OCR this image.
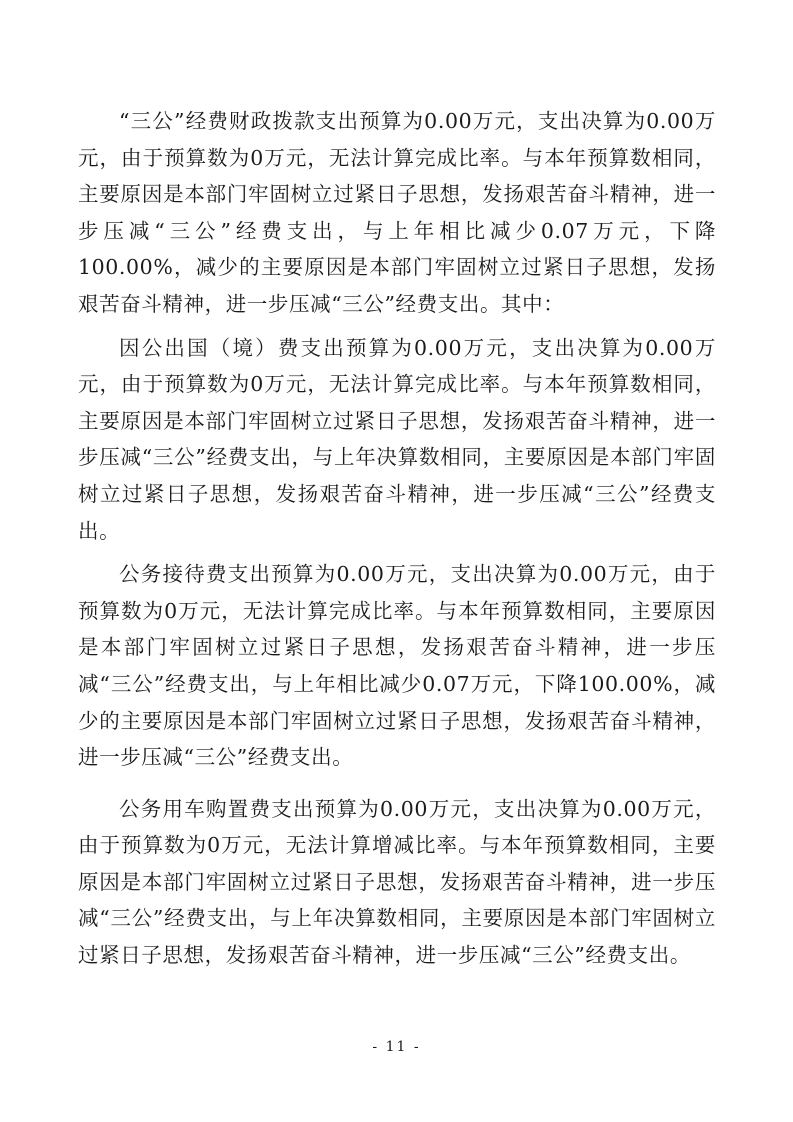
“三公”经费财政拨款支出预算为0.00万元，支出决算为0.00万元，由于预算数为0万元，无法计算完成比率。与本年预算数相同，主要原因是本部门牢固树立过紧日子思想，发扬艰苦奋斗精神，进一步压减“三公”经费支出，与上年相比减少0.07万元，下降100.00%，减少的主要原因是本部门牢固树立过紧日子思想，发扬艰苦奋斗精神，进一步压减“三公”经费支出。其中：

因公出国（境）费支出预算为0.00万元，支出决算为0.00万元，由于预算数为0万元，无法计算完成比率。与本年预算数相同，主要原因是本部门牢固树立过紧日子思想，发扬艰苦奋斗精神，进一步压减“三公”经费支出，与上年决算数相同，主要原因是本部门牢固树立过紧日子思想，发扬艰苦奋斗精神，进一步压减“三公”经费支出。

公务接待费支出预算为0.00万元，支出决算为0.00万元，由于预算数为0万元，无法计算完成比率。与本年预算数相同，主要原因是本部门牢固树立过紧日子思想，发扬艰苦奋斗精神，进一步压减“三公”经费支出，与上年相比减少0.07万元，下降100.00%，减少的主要原因是本部门牢固树立过紧日子思想，发扬艰苦奋斗精神，进一步压减“三公”经费支出。

公务用车购置费支出预算为0.00万元，支出决算为0.00万元，由于预算数为0万元，无法计算增减比率。与本年预算数相同，主要原因是本部门牢固树立过紧日子思想，发扬艰苦奋斗精神，进一步压减“三公”经费支出，与上年决算数相同，主要原因是本部门牢固树立过紧日子思想，发扬艰苦奋斗精神，进一步压减“三公”经费支出。

- 11 -
